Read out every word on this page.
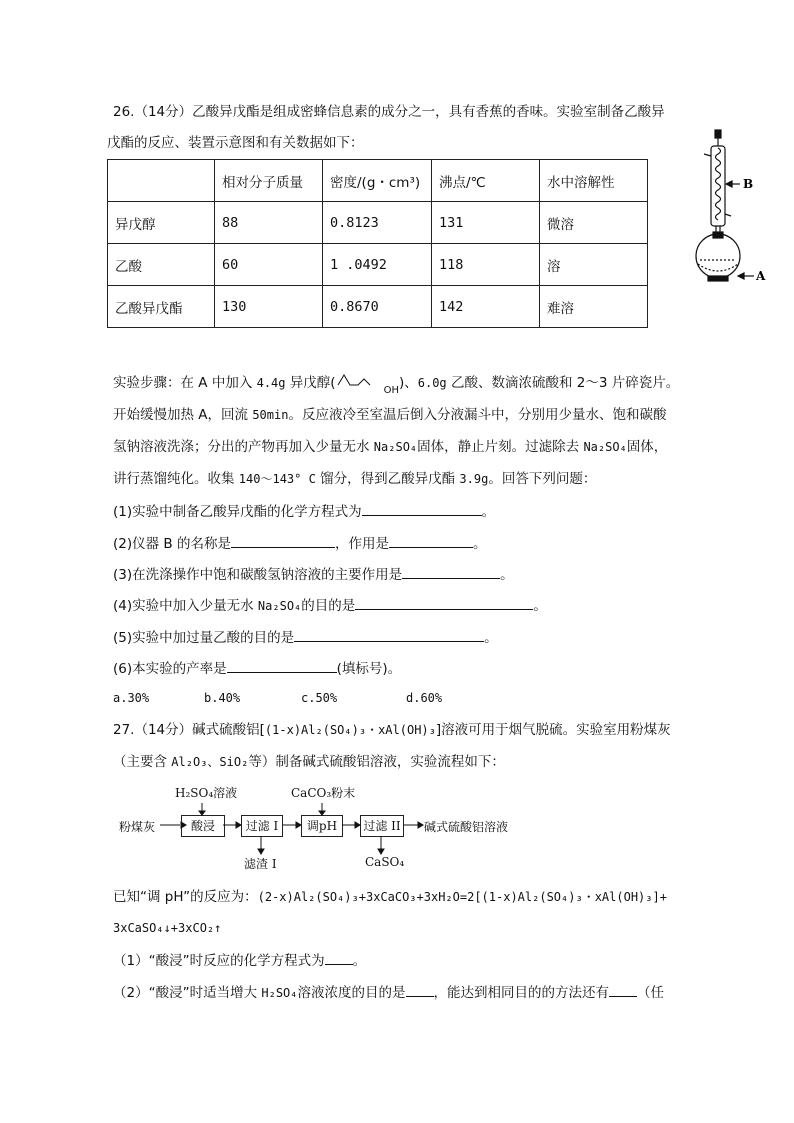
26.（14分）乙酸异戊酯是组成密蜂信息素的成分之一，具有香蕉的香味。实验室制备乙酸异
戊酯的反应、装置示意图和有关数据如下：
	相对分子质量	密度/(g・cm³)	沸点/℃	水中溶解性
异戊醇	88	0.8123	131	微溶
乙酸	60	1 .0492	118	溶
乙酸异戊酯	130	0.8670	142	难溶
B
A
实验步骤：在 A 中加入 4.4g 异戊醇(	$_{OH}$)、6.0g 乙酸、数滴浓硫酸和 2～3 片碎瓷片。
开始缓慢加热 A，回流 50min。反应液冷至室温后倒入分液漏斗中，分别用少量水、饱和碳酸
氢钠溶液洗涤；分出的产物再加入少量无水 Na₂SO₄固体，静止片刻。过滤除去 Na₂SO₄固体，
讲行蒸馏纯化。收集 140～143° C 馏分，得到乙酸异戊酯 3.9g。回答下列问题：
(1)实验中制备乙酸异戊酯的化学方程式为	。
(2)仪器 B 的名称是	，作用是	。
(3)在洗涤操作中饱和碳酸氢钠溶液的主要作用是	。
(4)实验中加入少量无水 Na₂SO₄的目的是	。
(5)实验中加过量乙酸的目的是	。
(6)本实验的产率是	(填标号)。
a.30%	b.40%	c.50%	d.60%
27.（14分）碱式硫酸铝[(1-x)Al₂(SO₄)₃・xAl(OH)₃]溶液可用于烟气脱硫。实验室用粉煤灰
（主要含 Al₂O₃、SiO₂等）制备碱式硫酸铝溶液，实验流程如下：
H₂SO₄溶液	CaCO₃粉末
粉煤灰	酸浸	过滤 I	调pH	过滤 II 碱式硫酸铝溶液
滤渣 I	CaSO₄
已知“调 pH”的反应为：(2-x)Al₂(SO₄)₃+3xCaCO₃+3xH₂O=2[(1-x)Al₂(SO₄)₃・xAl(OH)₃]+
3xCaSO₄↓+3xCO₂↑
（1）“酸浸”时反应的化学方程式为 。
（2）“酸浸”时适当增大 H₂SO₄溶液浓度的目的是 ，能达到相同目的的方法还有 （任
